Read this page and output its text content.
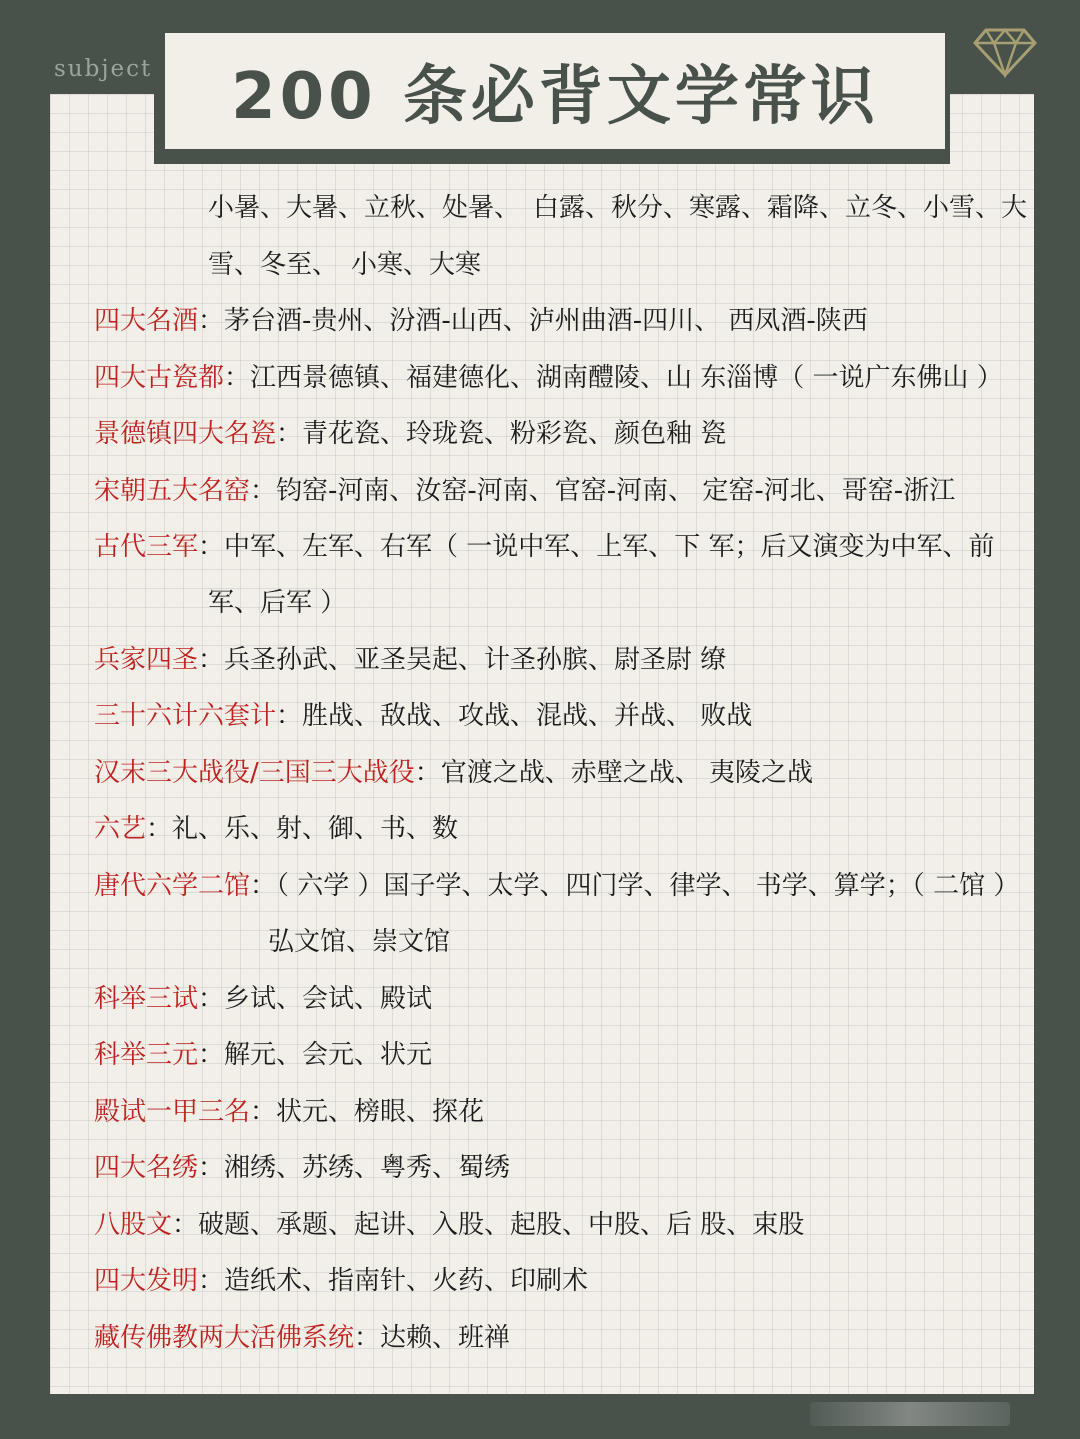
subject 200 条必背文学常识
小暑、大暑、立秋、处暑、　白露、秋分、寒露、霜降、立冬、小雪、大
雪、冬至、　小寒、大寒
四大名酒：茅台酒-贵州、汾酒-山西、泸州曲酒-四川、 西凤酒-陕西
四大古瓷都：江西景德镇、福建德化、湖南醴陵、山 东淄博（ 一说广东佛山 ）
景德镇四大名瓷：青花瓷、玲珑瓷、粉彩瓷、颜色釉 瓷
宋朝五大名窑：钧窑-河南、汝窑-河南、官窑-河南、 定窑-河北、哥窑-浙江
古代三军：中军、左军、右军（ 一说中军、上军、下 军；后又演变为中军、前
军、后军 ）
兵家四圣：兵圣孙武、亚圣吴起、计圣孙膑、尉圣尉 缭
三十六计六套计：胜战、敌战、攻战、混战、并战、 败战
汉末三大战役/三国三大战役：官渡之战、赤壁之战、 夷陵之战
六艺：礼、乐、射、御、书、数
唐代六学二馆：（ 六学 ）国子学、太学、四门学、律学、 书学、算学；（ 二馆 ）
弘文馆、崇文馆
科举三试：乡试、会试、殿试
科举三元：解元、会元、状元
殿试一甲三名：状元、榜眼、探花
四大名绣：湘绣、苏绣、粤秀、蜀绣
八股文：破题、承题、起讲、入股、起股、中股、后 股、束股
四大发明：造纸术、指南针、火药、印刷术
藏传佛教两大活佛系统：达赖、班禅
